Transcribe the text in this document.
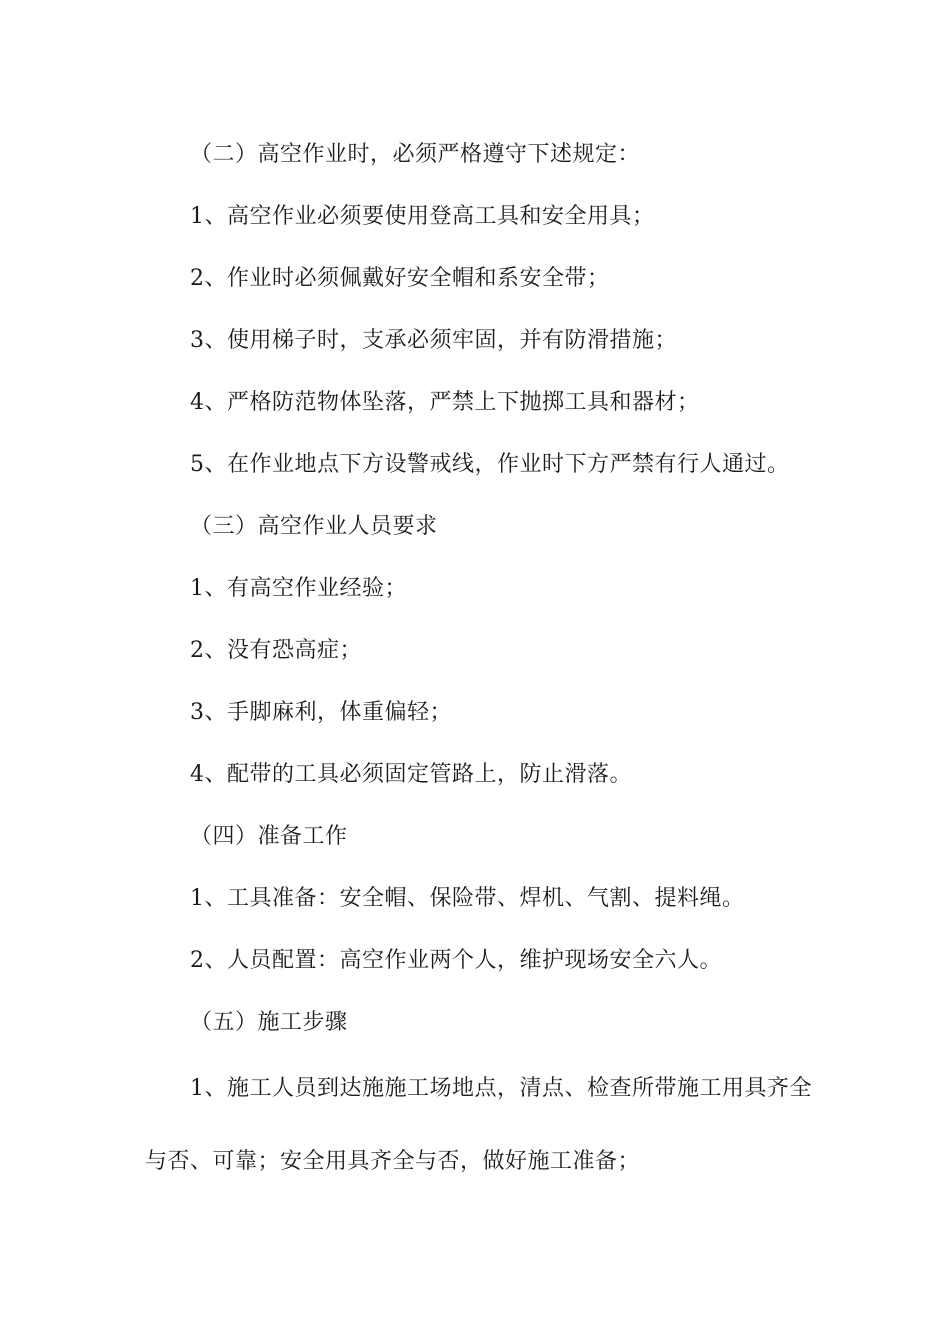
（二）高空作业时，必须严格遵守下述规定：
1、高空作业必须要使用登高工具和安全用具；
2、作业时必须佩戴好安全帽和系安全带；
3、使用梯子时，支承必须牢固，并有防滑措施；
4、严格防范物体坠落，严禁上下抛掷工具和器材；
5、在作业地点下方设警戒线，作业时下方严禁有行人通过。
（三）高空作业人员要求
1、有高空作业经验；
2、没有恐高症；
3、手脚麻利，体重偏轻；
4、配带的工具必须固定管路上，防止滑落。
（四）准备工作
1、工具准备：安全帽、保险带、焊机、气割、提料绳。
2、人员配置：高空作业两个人，维护现场安全六人。
（五）施工步骤
1、施工人员到达施施工场地点，清点、检查所带施工用具齐全
与否、可靠；安全用具齐全与否，做好施工准备；
